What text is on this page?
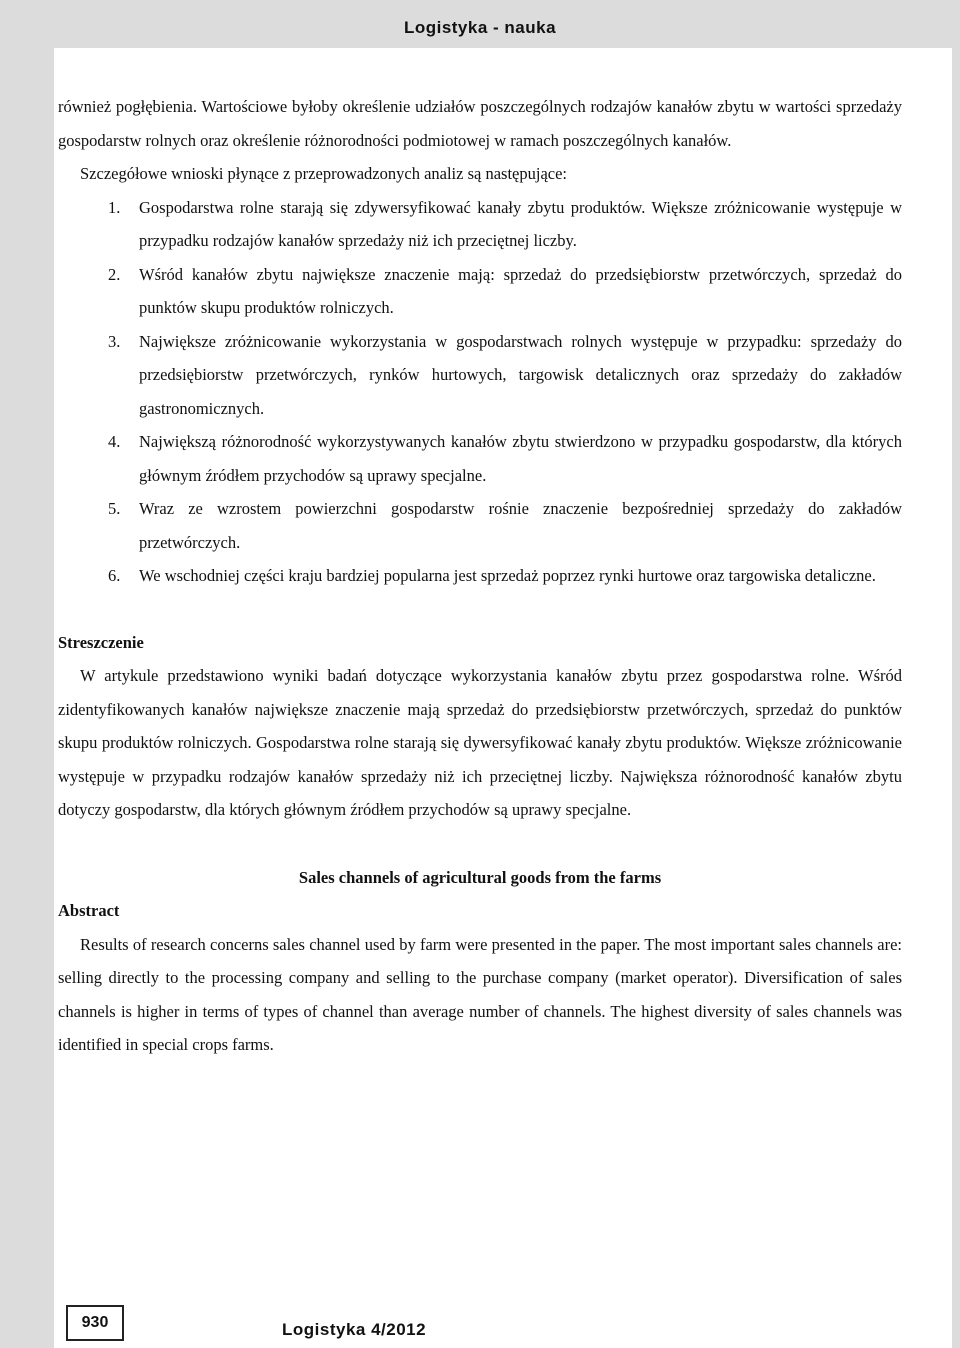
Logistyka - nauka

również pogłębienia. Wartościowe byłoby określenie udziałów poszczególnych rodzajów kanałów zbytu w wartości sprzedaży gospodarstw rolnych oraz określenie różnorodności podmiotowej w ramach poszczególnych kanałów.

Szczegółowe wnioski płynące z przeprowadzonych analiz są następujące:

1. Gospodarstwa rolne starają się zdywersyfikować kanały zbytu produktów. Większe zróżnicowanie występuje w przypadku rodzajów kanałów sprzedaży niż ich przeciętnej liczby.
2. Wśród kanałów zbytu największe znaczenie mają: sprzedaż do przedsiębiorstw przetwórczych, sprzedaż do punktów skupu produktów rolniczych.
3. Największe zróżnicowanie wykorzystania w gospodarstwach rolnych występuje w przypadku: sprzedaży do przedsiębiorstw przetwórczych, rynków hurtowych, targowisk detalicznych oraz sprzedaży do zakładów gastronomicznych.
4. Największą różnorodność wykorzystywanych kanałów zbytu stwierdzono w przypadku gospodarstw, dla których głównym źródłem przychodów są uprawy specjalne.
5. Wraz ze wzrostem powierzchni gospodarstw rośnie znaczenie bezpośredniej sprzedaży do zakładów przetwórczych.
6. We wschodniej części kraju bardziej popularna jest sprzedaż poprzez rynki hurtowe oraz targowiska detaliczne.

Streszczenie

W artykule przedstawiono wyniki badań dotyczące wykorzystania kanałów zbytu przez gospodarstwa rolne. Wśród zidentyfikowanych kanałów największe znaczenie mają sprzedaż do przedsiębiorstw przetwórczych, sprzedaż do punktów skupu produktów rolniczych. Gospodarstwa rolne starają się dywersyfikować kanały zbytu produktów. Większe zróżnicowanie występuje w przypadku rodzajów kanałów sprzedaży niż ich przeciętnej liczby. Największa różnorodność kanałów zbytu dotyczy gospodarstw, dla których głównym źródłem przychodów są uprawy specjalne.

Sales channels of agricultural goods from the farms

Abstract

Results of research concerns sales channel used by farm were presented in the paper. The most important sales channels are: selling directly to the processing company and selling to the purchase company (market operator). Diversification of sales channels is higher in terms of types of channel than average number of channels. The highest diversity of sales channels was identified in special crops farms.

930	Logistyka 4/2012
